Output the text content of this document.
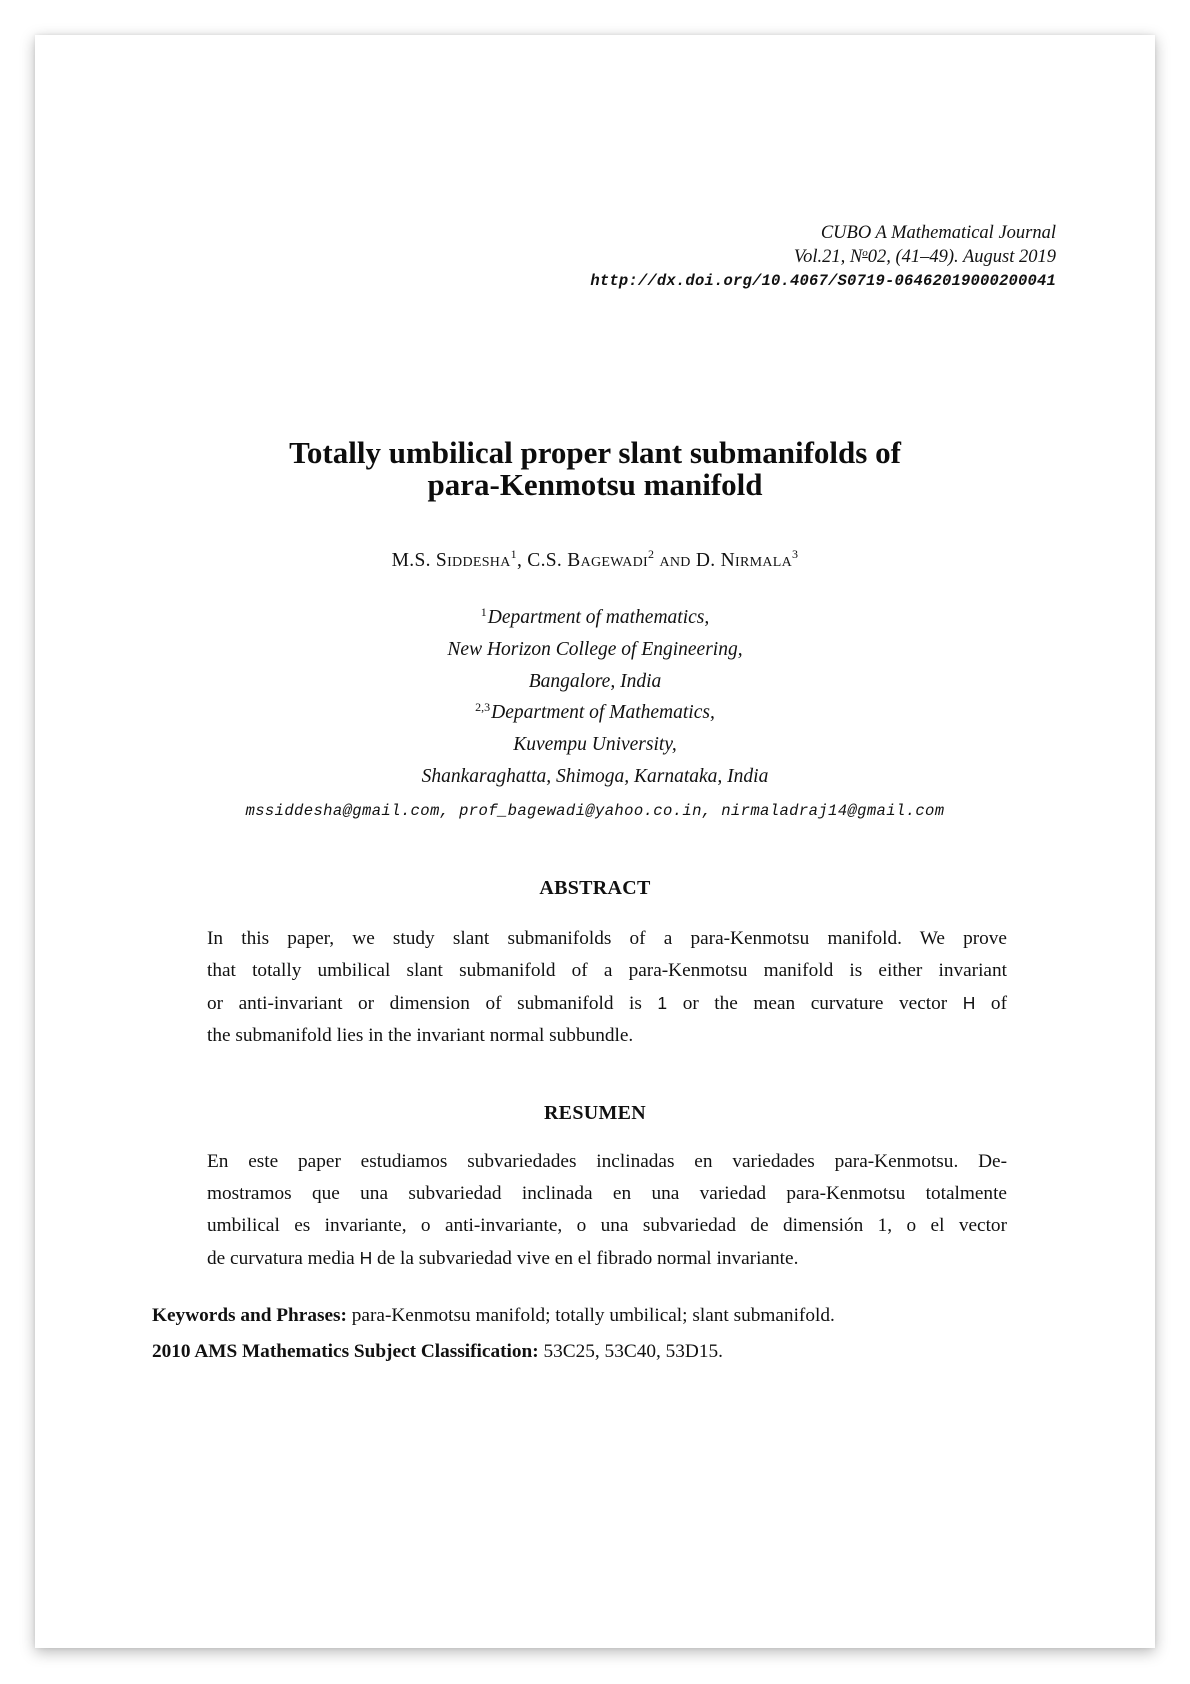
CUBO A Mathematical Journal
Vol.21, $N^o02$, (41–49). August 2019
http://dx.doi.org/10.4067/S0719-06462019000200041
Totally umbilical proper slant submanifolds of
para-Kenmotsu manifold
M.S. Siddesha$^1$, C.S. Bagewadi$^2$ and D. Nirmala$^3$
$^1$Department of mathematics,
New Horizon College of Engineering,
Bangalore, India
$^{2,3}$Department of Mathematics,
Kuvempu University,
Shankaraghatta, Shimoga, Karnataka, India
mssiddesha@gmail.com, prof_bagewadi@yahoo.co.in, nirmaladraj14@gmail.com
ABSTRACT
In this paper, we study slant submanifolds of a para-Kenmotsu manifold. We prove
that totally umbilical slant submanifold of a para-Kenmotsu manifold is either invariant
or anti-invariant or dimension of submanifold is 1 or the mean curvature vector H of
the submanifold lies in the invariant normal subbundle.
RESUMEN
En este paper estudiamos subvariedades inclinadas en variedades para-Kenmotsu. De-
mostramos que una subvariedad inclinada en una variedad para-Kenmotsu totalmente
umbilical es invariante, o anti-invariante, o una subvariedad de dimensión 1, o el vector
de curvatura media H de la subvariedad vive en el fibrado normal invariante.
Keywords and Phrases: para-Kenmotsu manifold; totally umbilical; slant submanifold.
2010 AMS Mathematics Subject Classification: 53C25, 53C40, 53D15.
